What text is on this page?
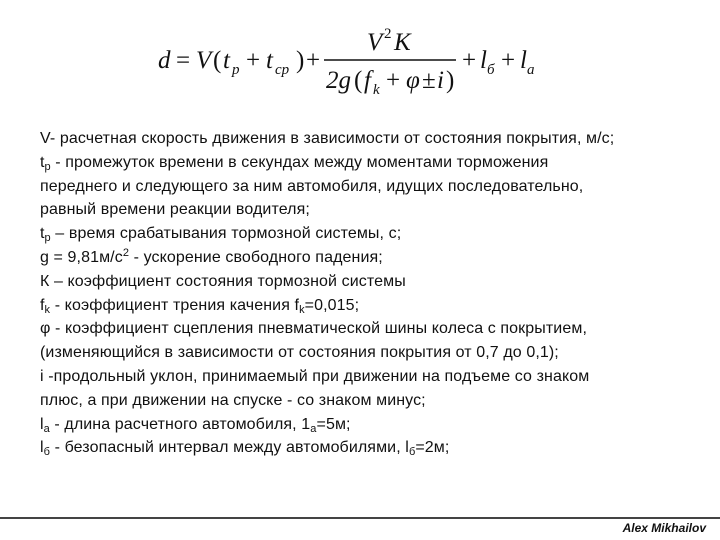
d = V ( t p + t ср ) +
V 2 K
2g ( f k + φ ± i )
+ l б + l а
V- расчетная скорость движения в зависимости от состояния покрытия, м/с;
$t_p$ - промежуток времени в секундах между моментами торможения
переднего и следующего за ним автомобиля, идущих последовательно,
равный времени реакции водителя;
$t_р$ – время срабатывания тормозной системы, с;
$g = 9,81м/с^2$ - ускорение свободного падения;
К – коэффициент состояния тормозной системы
$f_k$ - коэффициент трения качения $f_k=0,015$;
φ - коэффициент сцепления пневматической шины колеса с покрытием,
(изменяющийся в зависимости от состояния покрытия от 0,7 до 0,1);
i -продольный уклон, принимаемый при движении на подъеме со знаком
плюс, а при движении на спуске - со знаком минус;
$l_а$ - длина расчетного автомобиля, $1_а=5м$;
$l_б$ - безопасный интервал между автомобилями, $l_б=2м$;
Alex Mikhailov
